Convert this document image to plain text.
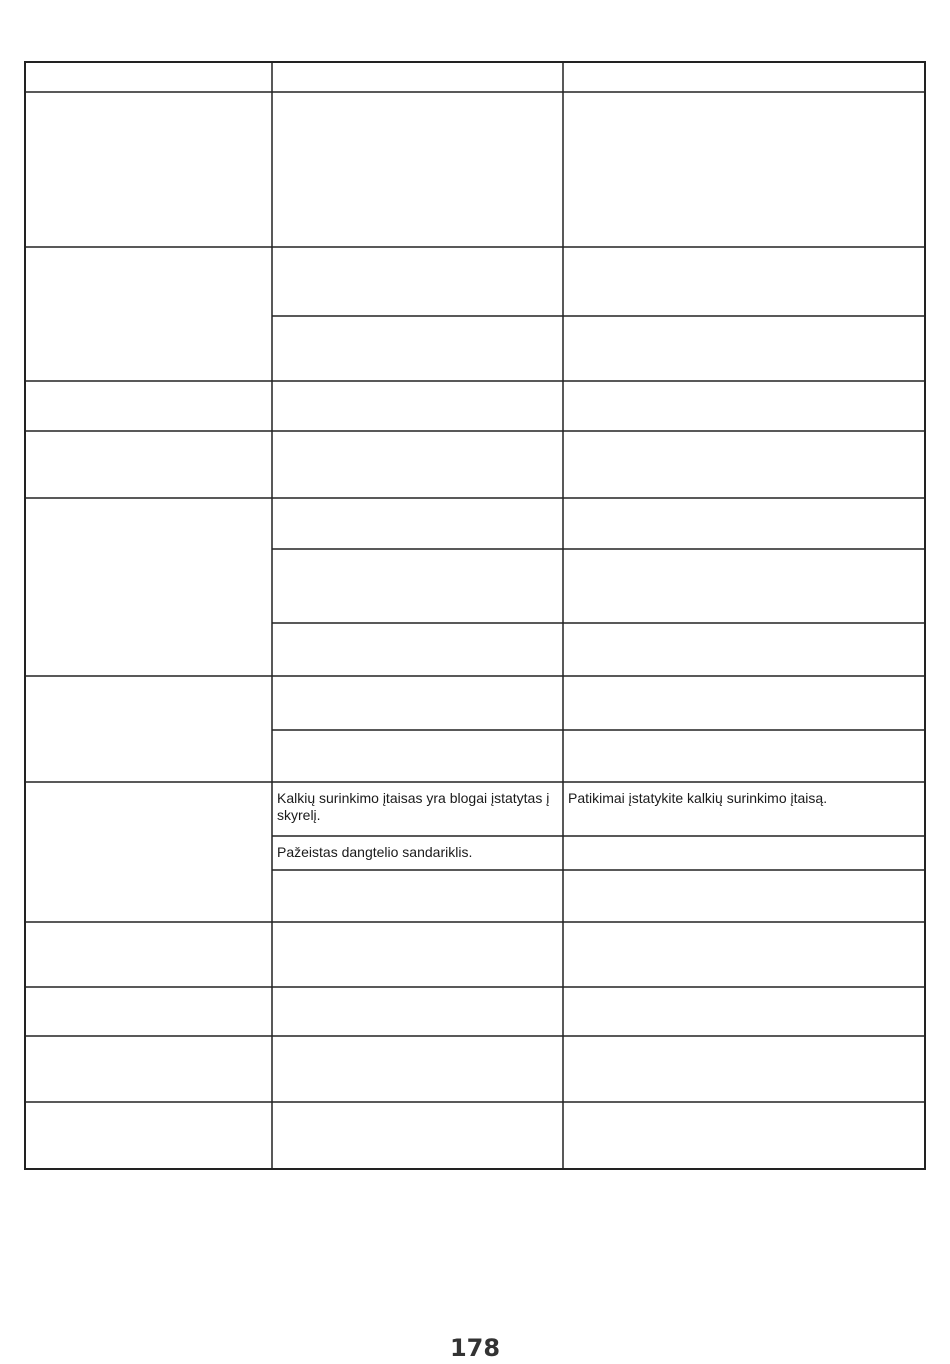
Kalkių surinkimo įtaisas yra blogai įstatytas į skyrelį.
Patikimai įstatykite kalkių surinkimo įtaisą.
Pažeistas dangtelio sandariklis.
178
